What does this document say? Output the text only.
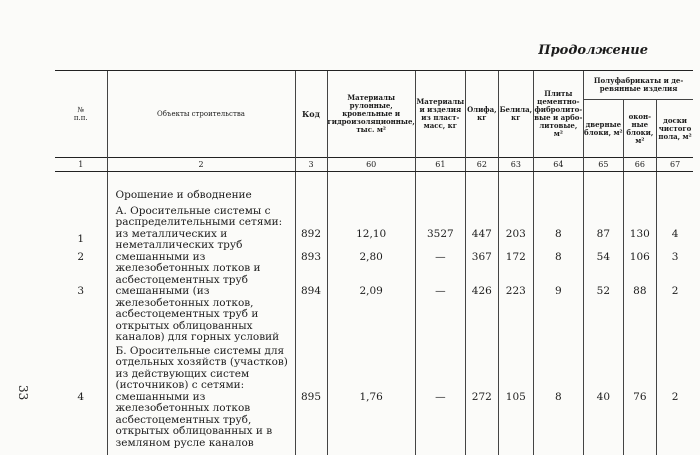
Продолжение
33
№
п.п.	Объекты строительства	Код	Материалы рулонные, кровельные и гидроизоляционные, тыс. м²	Материалы и изделия из пласт-масс, кг	Олифа, кг	Белила, кг	Плиты цементно-фибролито-вые и арбо-литовые, м²	Полуфабрикаты и де-ревянные изделия		
								дверные блоки, м²	окон-ные блоки, м²	доски чистого пола, м²
1	2	3	60	61	62	63	64	65	66	67
	Орошение и обводнение									
	А. Оросительные системы с распределительными сетями:									
1	из металлических и неметаллических труб	892	12,10	3527	447	203	8	87	130	4
2	смешанными из железобетонных лотков и асбестоцементных труб	893	2,80	—	367	172	8	54	106	3
3	смешанными (из железобетонных лотков, асбестоцементных труб и открытых облицованных каналов) для горных условий	894	2,09	—	426	223	9	52	88	2
	Б. Оросительные системы для отдельных хозяйств (участков) из действующих систем (источников) с сетями:									
4	смешанными из железобетонных лотков асбестоцементных труб, открытых облицованных и в земляном русле каналов	895	1,76	—	272	105	8	40	76	2
